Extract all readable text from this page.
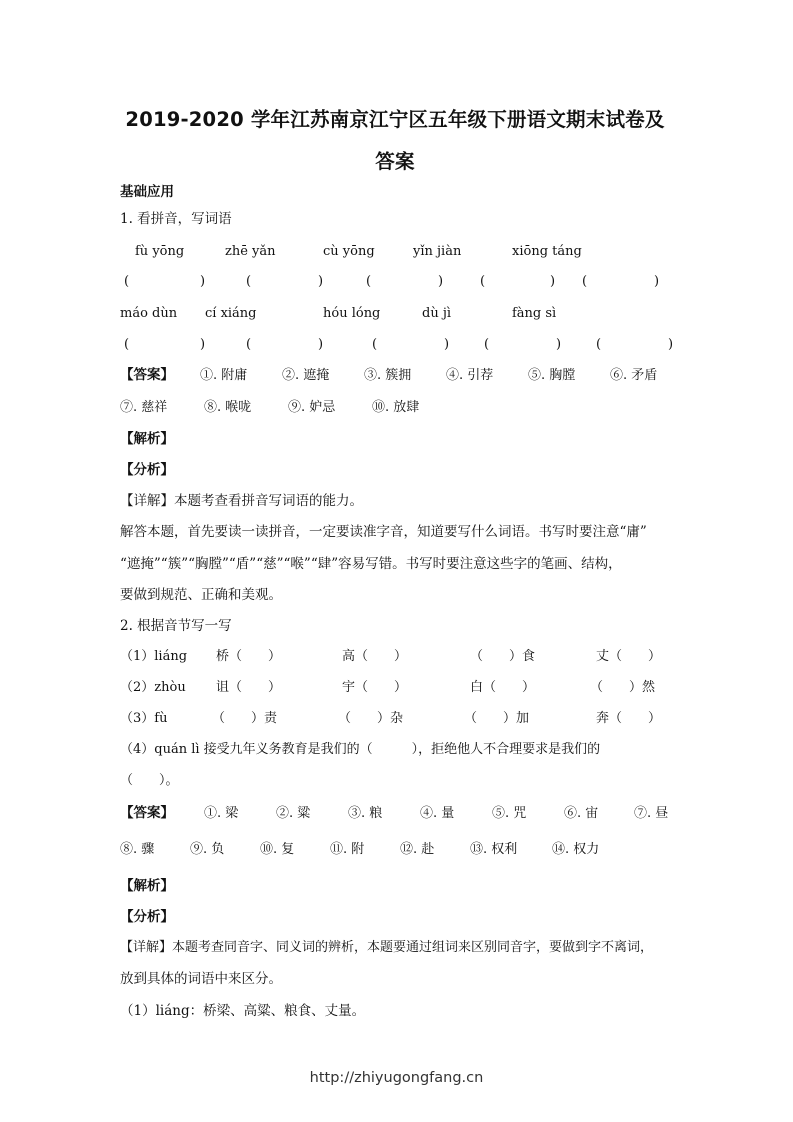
2019-2020 学年江苏南京江宁区五年级下册语文期末试卷及
答案
基础应用
1. 看拼音，写词语
fù yōng	zhē yǎn	cù yōng	yǐn jiàn	xiōng táng
(	)	(	)	(	)	(	) (	)
máo dùn cí xiáng	hóu lóng	dù jì	fàng sì
(	)	(	)	(	)	(	)	(	)
【答案】 ①. 附庸	②. 遮掩	③. 簇拥	④. 引荐	⑤. 胸膛	⑥. 矛盾
⑦. 慈祥	⑧. 喉咙	⑨. 妒忌	⑩. 放肆
【解析】
【分析】
【详解】本题考查看拼音写词语的能力。
解答本题，首先要读一读拼音，一定要读准字音，知道要写什么词语。书写时要注意“庸”
“遮掩”“簇”“胸膛”“盾”“慈”“喉”“肆”容易写错。书写时要注意这些字的笔画、结构，
要做到规范、正确和美观。
2. 根据音节写一写
（1）liáng 桥（　　）	高（　　）	（　　）食	丈（　　）
（2）zhòu 诅（　　）	宇（　　）	白（　　）	（　　）然
（3）fù	（　　）责	（　　）杂	（　　）加	奔（　　）
（4）quán lì 接受九年义务教育是我们的（　　　），拒绝他人不合理要求是我们的
（　　）。
【答案】 ①. 梁	②. 粱	③. 粮	④. 量	⑤. 咒	⑥. 宙	⑦. 昼
⑧. 骤	⑨. 负	⑩. 复	⑪. 附	⑫. 赴	⑬. 权利	⑭. 权力
【解析】
【分析】
【详解】本题考查同音字、同义词的辨析，本题要通过组词来区别同音字，要做到字不离词，
放到具体的词语中来区分。
（1）liáng：桥梁、高粱、粮食、丈量。
http://zhiyugongfang.cn
